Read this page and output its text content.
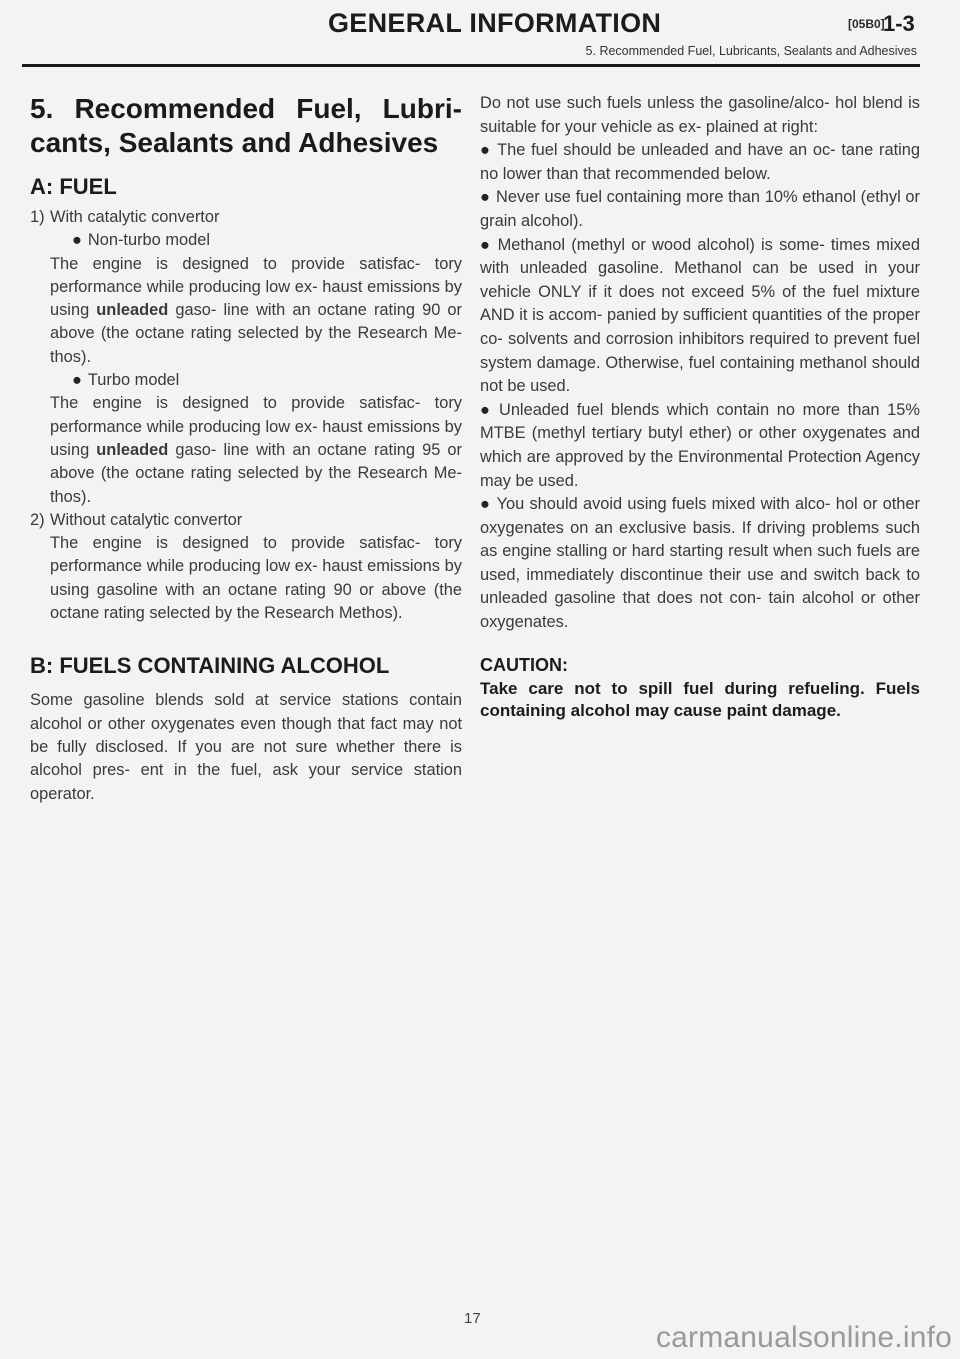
GENERAL INFORMATION	[05B0]
1-3
5. Recommended Fuel, Lubricants, Sealants and Adhesives
5. Recommended Fuel, Lubri- cants, Sealants and Adhesives
A: FUEL
1) With catalytic convertor
● Non-turbo model

The engine is designed to provide satisfac- tory performance while producing low ex- haust emissions by using unleaded gaso- line with an octane rating 90 or above (the octane rating selected by the Research Me- thos).

● Turbo model

The engine is designed to provide satisfac- tory performance while producing low ex- haust emissions by using unleaded gaso- line with an octane rating 95 or above (the octane rating selected by the Research Me- thos).

2) Without catalytic convertor

The engine is designed to provide satisfac- tory performance while producing low ex- haust emissions by using gasoline with an octane rating 90 or above (the octane rating selected by the Research Methos).

B: FUELS CONTAINING ALCOHOL

Some gasoline blends sold at service stations contain alcohol or other oxygenates even though that fact may not be fully disclosed. If you are not sure whether there is alcohol pres- ent in the fuel, ask your service station operator.

Do not use such fuels unless the gasoline/alco- hol blend is suitable for your vehicle as ex- plained at right:

● The fuel should be unleaded and have an oc- tane rating no lower than that recommended below.

● Never use fuel containing more than 10% ethanol (ethyl or grain alcohol).

● Methanol (methyl or wood alcohol) is some- times mixed with unleaded gasoline. Methanol can be used in your vehicle ONLY if it does not exceed 5% of the fuel mixture AND it is accom- panied by sufficient quantities of the proper co- solvents and corrosion inhibitors required to prevent fuel system damage. Otherwise, fuel containing methanol should not be used.

● Unleaded fuel blends which contain no more than 15% MTBE (methyl tertiary butyl ether) or other oxygenates and which are approved by the Environmental Protection Agency may be used.

● You should avoid using fuels mixed with alco- hol or other oxygenates on an exclusive basis. If driving problems such as engine stalling or hard starting result when such fuels are used, immediately discontinue their use and switch back to unleaded gasoline that does not con- tain alcohol or other oxygenates.

CAUTION:

Take care not to spill fuel during refueling. Fuels containing alcohol may cause paint damage.

17
carmanualsonline.info
